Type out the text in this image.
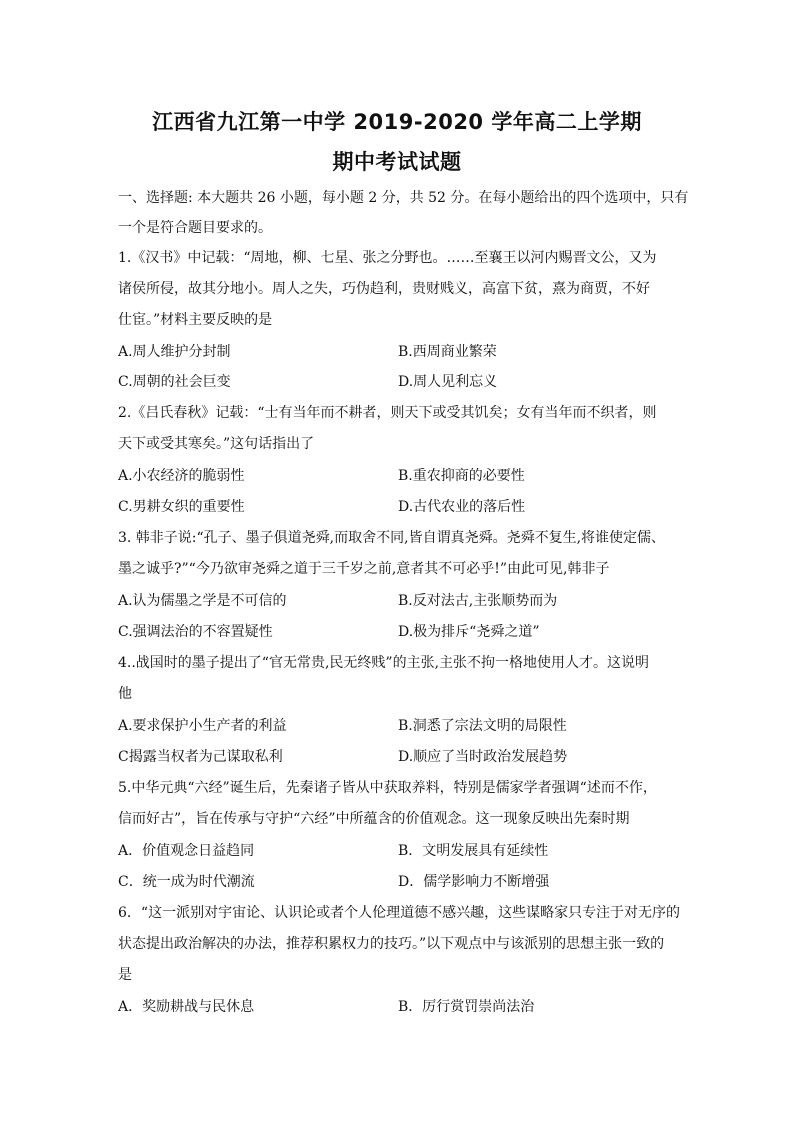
江西省九江第一中学 2019-2020 学年高二上学期
期中考试试题
一、选择题: 本大题共 26 小题，每小题 2 分，共 52 分。在每小题给出的四个选项中，只有
一个是符合题目要求的。
1.《汉书》中记载：“周地，柳、七星、张之分野也。……至襄王以河内赐晋文公，又为
诸侯所侵，故其分地小。周人之失，巧伪趋利，贵财贱义，高富下贫，熹为商贾，不好
仕宦。”材料主要反映的是
A.周人维护分封制	B.西周商业繁荣
C.周朝的社会巨变	D.周人见利忘义
2.《吕氏春秋》记载：“士有当年而不耕者，则天下或受其饥矣；女有当年而不织者，则
天下或受其寒矣。”这句话指出了
A.小农经济的脆弱性	B.重农抑商的必要性
C.男耕女织的重要性	D.古代农业的落后性
3. 韩非子说:“孔子、墨子俱道尧舜,而取舍不同,皆自谓真尧舜。尧舜不复生,将谁使定儒、
墨之诚乎?”“今乃欲审尧舜之道于三千岁之前,意者其不可必乎!”由此可见,韩非子
A.认为儒墨之学是不可信的	B.反对法古,主张顺势而为
C.强调法治的不容置疑性	D.极为排斥“尧舜之道”
4..战国时的墨子提出了“官无常贵,民无终贱”的主张,主张不拘一格地使用人才。这说明
他
A.要求保护小生产者的利益	B.洞悉了宗法文明的局限性
C揭露当权者为己谋取私利	D.顺应了当时政治发展趋势
5.中华元典“六经”诞生后，先秦诸子皆从中获取养料，特别是儒家学者强调“述而不作，
信而好古”，旨在传承与守护“六经”中所蕴含的价值观念。这一现象反映出先秦时期
A．价值观念日益趋同	B．文明发展具有延续性
C．统一成为时代潮流	D．儒学影响力不断增强
6．“这一派别对宇宙论、认识论或者个人伦理道德不感兴趣，这些谋略家只专注于对无序的
状态提出政治解决的办法，推荐积累权力的技巧。”以下观点中与该派别的思想主张一致的
是
A．奖励耕战与民休息	B．厉行赏罚崇尚法治
